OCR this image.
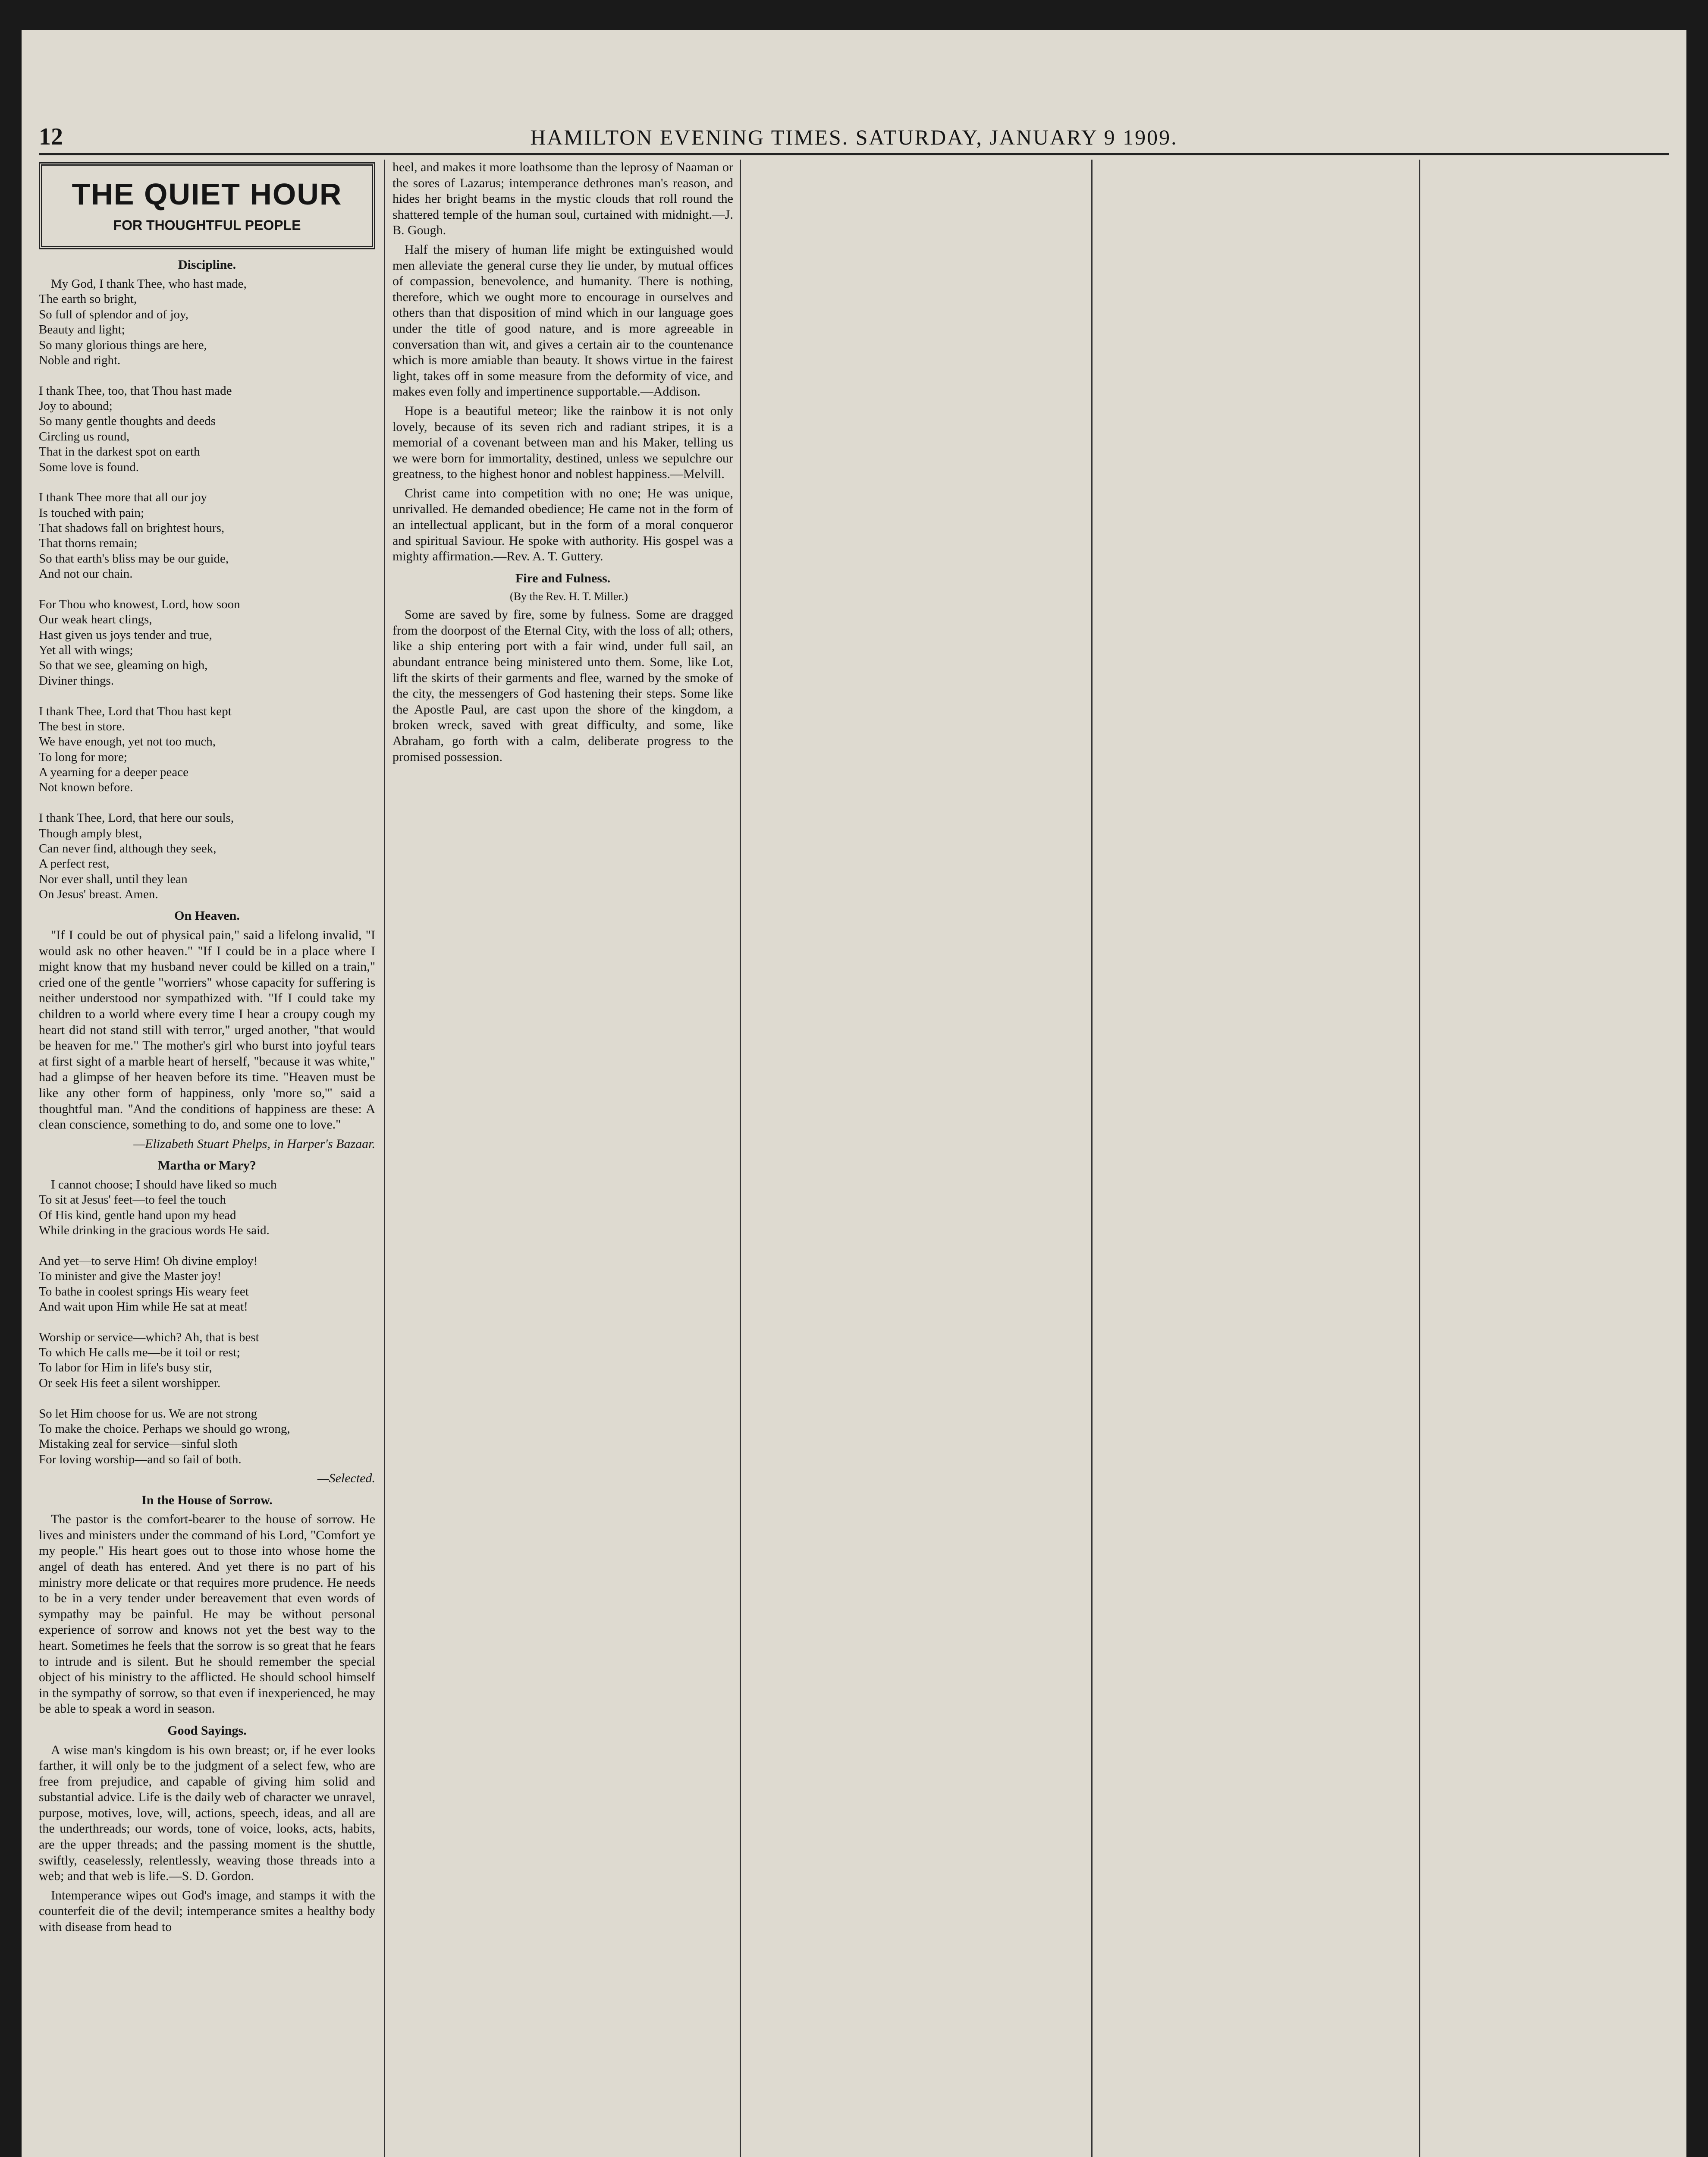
12	HAMILTON EVENING TIMES. SATURDAY, JANUARY 9 1909.
THE QUIET HOUR
FOR THOUGHTFUL PEOPLE
Discipline.

My God, I thank Thee, who hast made,
The earth so bright,
So full of splendor and of joy,
Beauty and light;
So many glorious things are here,
Noble and right.

I thank Thee, too, that Thou hast made
Joy to abound;
So many gentle thoughts and deeds
Circling us round,
That in the darkest spot on earth
Some love is found.

I thank Thee more that all our joy
Is touched with pain;
That shadows fall on brightest hours,
That thorns remain;
So that earth's bliss may be our guide,
And not our chain.

For Thou who knowest, Lord, how soon
Our weak heart clings,
Hast given us joys tender and true,
Yet all with wings;
So that we see, gleaming on high,
Diviner things.

I thank Thee, Lord that Thou hast kept
The best in store.
We have enough, yet not too much,
To long for more;
A yearning for a deeper peace
Not known before.

I thank Thee, Lord, that here our souls,
Though amply blest,
Can never find, although they seek,
A perfect rest,
Nor ever shall, until they lean
On Jesus' breast. Amen.

On Heaven.

"If I could be out of physical pain," said a lifelong invalid, "I would ask no other heaven." "If I could be in a place where I might know that my husband never could be killed on a train," cried one of the gentle "worriers" whose capacity for suffering is neither understood nor sympathized with. "If I could take my children to a world where every time I hear a croupy cough my heart did not stand still with terror," urged another, "that would be heaven for me." The mother's girl who burst into joyful tears at first sight of a marble heart of herself, "because it was white," had a glimpse of her heaven before its time. "Heaven must be like any other form of happiness, only 'more so,'" said a thoughtful man. "And the conditions of happiness are these: A clean conscience, something to do, and some one to love."

—Elizabeth Stuart Phelps, in Harper's Bazaar.

Martha or Mary?

I cannot choose; I should have liked so much
To sit at Jesus' feet—to feel the touch
Of His kind, gentle hand upon my head
While drinking in the gracious words He said.

And yet—to serve Him! Oh divine employ!
To minister and give the Master joy!
To bathe in coolest springs His weary feet
And wait upon Him while He sat at meat!

Worship or service—which? Ah, that is best
To which He calls me—be it toil or rest;
To labor for Him in life's busy stir,
Or seek His feet a silent worshipper.

So let Him choose for us. We are not strong
To make the choice. Perhaps we should go wrong,
Mistaking zeal for service—sinful sloth
For loving worship—and so fail of both.

—Selected.

In the House of Sorrow.

The pastor is the comfort-bearer to the house of sorrow. He lives and ministers under the command of his Lord, "Comfort ye my people." His heart goes out to those into whose home the angel of death has entered. And yet there is no part of his ministry more delicate or that requires more prudence. He needs to be in a very tender under bereavement that even words of sympathy may be painful. He may be without personal experience of sorrow and knows not yet the best way to the heart. Sometimes he feels that the sorrow is so great that he fears to intrude and is silent. But he should remember the special object of his ministry to the afflicted. He should school himself in the sympathy of sorrow, so that even if inexperienced, he may be able to speak a word in season.

Good Sayings.

A wise man's kingdom is his own breast; or, if he ever looks farther, it will only be to the judgment of a select few, who are free from prejudice, and capable of giving him solid and substantial advice. Life is the daily web of character we unravel, purpose, motives, love, will, actions, speech, ideas, and all are the underthreads; our words, tone of voice, looks, acts, habits, are the upper threads; and the passing moment is the shuttle, swiftly, ceaselessly, relentlessly, weaving those threads into a web; and that web is life.—S. D. Gordon.

Intemperance wipes out God's image, and stamps it with the counterfeit die of the devil; intemperance smites a healthy body with disease from head to

heel, and makes it more loathsome than the leprosy of Naaman or the sores of Lazarus; intemperance dethrones man's reason, and hides her bright beams in the mystic clouds that roll round the shattered temple of the human soul, curtained with midnight.—J. B. Gough.

Half the misery of human life might be extinguished would men alleviate the general curse they lie under, by mutual offices of compassion, benevolence, and humanity. There is nothing, therefore, which we ought more to encourage in ourselves and others than that disposition of mind which in our language goes under the title of good nature, and is more agreeable in conversation than wit, and gives a certain air to the countenance which is more amiable than beauty. It shows virtue in the fairest light, takes off in some measure from the deformity of vice, and makes even folly and impertinence supportable.—Addison.

Hope is a beautiful meteor; like the rainbow it is not only lovely, because of its seven rich and radiant stripes, it is a memorial of a covenant between man and his Maker, telling us we were born for immortality, destined, unless we sepulchre our greatness, to the highest honor and noblest happiness.—Melvill.

Christ came into competition with no one; He was unique, unrivalled. He demanded obedience; He came not in the form of an intellectual applicant, but in the form of a moral conqueror and spiritual Saviour. He spoke with authority. His gospel was a mighty affirmation.—Rev. A. T. Guttery.

Fire and Fulness.

(By the Rev. H. T. Miller.)

Some are saved by fire, some by fulness. Some are dragged from the doorpost of the Eternal City, with the loss of all; others, like a ship entering port with a fair wind, under full sail, an abundant entrance being ministered unto them. Some, like Lot, lift the skirts of their garments and flee, warned by the smoke of the city, the messengers of God hastening their steps. Some like the Apostle Paul, are cast upon the shore of the kingdom, a broken wreck, saved with great difficulty, and some, like Abraham, go forth with a calm, deliberate progress to the promised possession.
